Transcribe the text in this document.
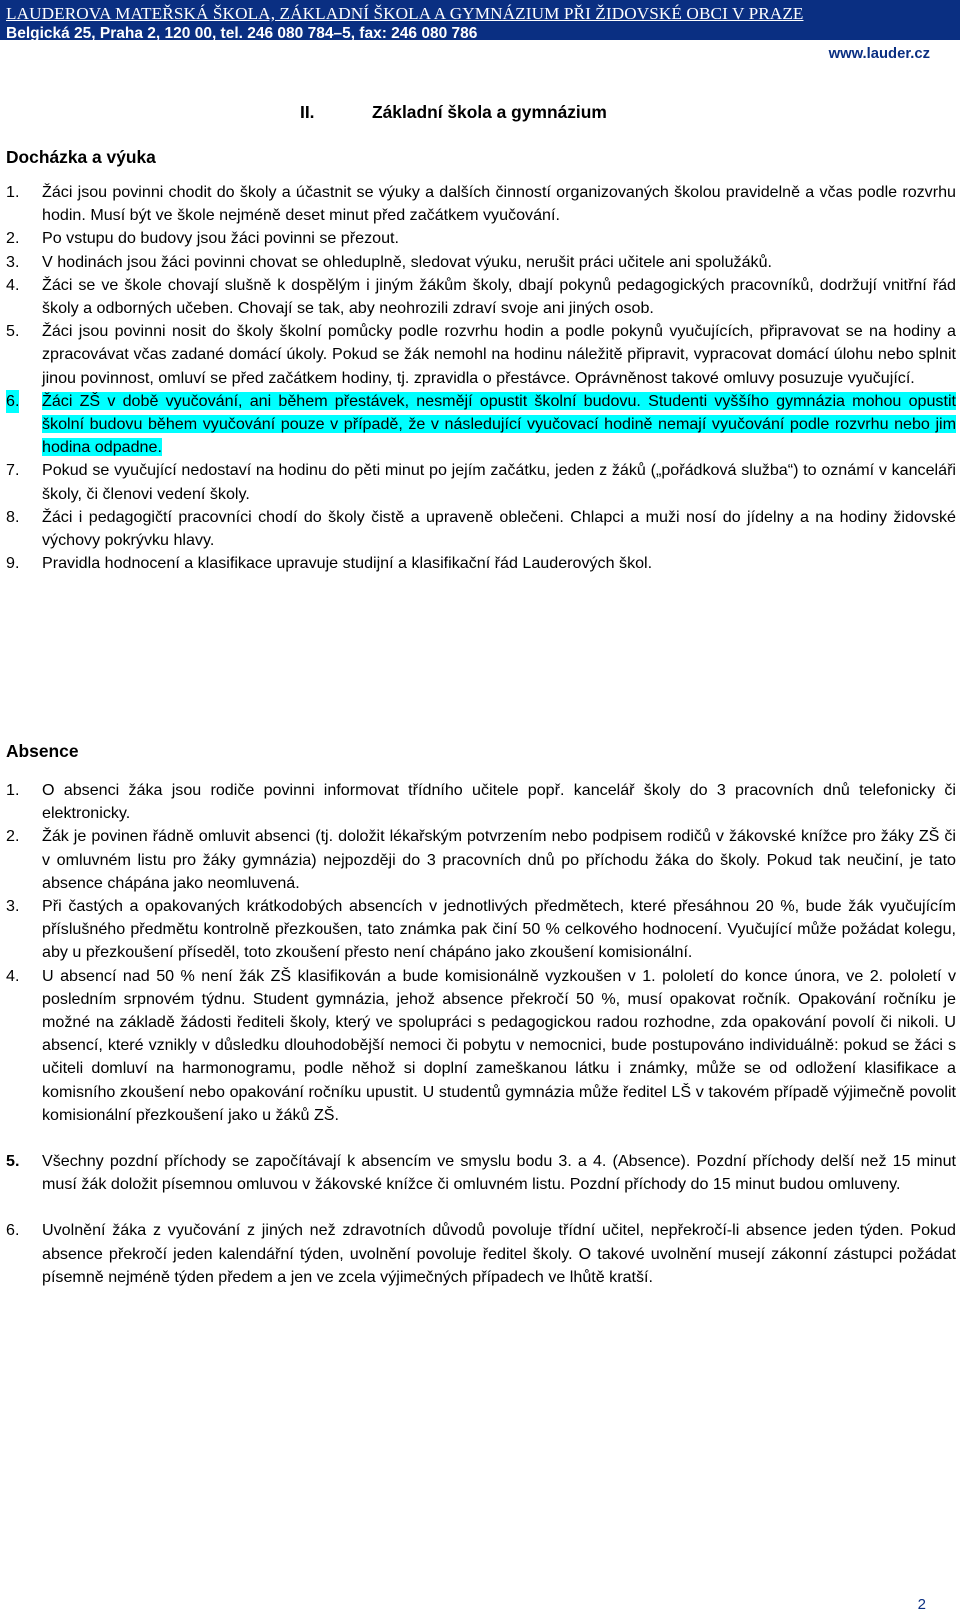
LAUDEROVA MATEŘSKÁ ŠKOLA, ZÁKLADNÍ ŠKOLA A GYMNÁZIUM PŘI ŽIDOVSKÉ OBCI V PRAZE
Belgická 25, Praha 2, 120 00, tel. 246 080 784–5, fax: 246 080 786
www.lauder.cz
II.	Základní škola a gymnázium
Docházka a výuka
1. Žáci jsou povinni chodit do školy a účastnit se výuky a dalších činností organizovaných školou pravidelně a včas podle rozvrhu hodin. Musí být ve škole nejméně deset minut před začátkem vyučování.
2. Po vstupu do budovy jsou žáci povinni se přezout.
3. V hodinách jsou žáci povinni chovat se ohleduplně, sledovat výuku, nerušit práci učitele ani spolužáků.
4. Žáci se ve škole chovají slušně k dospělým i jiným žákům školy, dbají pokynů pedagogických pracovníků, dodržují vnitřní řád školy a odborných učeben. Chovají se tak, aby neohrozili zdraví svoje ani jiných osob.
5. Žáci jsou povinni nosit do školy školní pomůcky podle rozvrhu hodin a podle pokynů vyučujících, připravovat se na hodiny a zpracovávat včas zadané domácí úkoly. Pokud se žák nemohl na hodinu náležitě připravit, vypracovat domácí úlohu nebo splnit jinou povinnost, omluví se před začátkem hodiny, tj. zpravidla o přestávce. Oprávněnost takové omluvy posuzuje vyučující.
6. Žáci ZŠ v době vyučování, ani během přestávek, nesmějí opustit školní budovu. Studenti vyššího gymnázia mohou opustit školní budovu během vyučování pouze v případě, že v následující vyučovací hodině nemají vyučování podle rozvrhu nebo jim hodina odpadne.
7. Pokud se vyučující nedostaví na hodinu do pěti minut po jejím začátku, jeden z žáků („pořádková služba“) to oznámí v kanceláři školy, či členovi vedení školy.
8. Žáci i pedagogičtí pracovníci chodí do školy čistě a upraveně oblečeni. Chlapci a muži nosí do jídelny a na hodiny židovské výchovy pokrývku hlavy.
9. Pravidla hodnocení a klasifikace upravuje studijní a klasifikační řád Lauderových škol.
Absence
1. O absenci žáka jsou rodiče povinni informovat třídního učitele popř. kancelář školy do 3 pracovních dnů telefonicky či elektronicky.
2. Žák je povinen řádně omluvit absenci (tj. doložit lékařským potvrzením nebo podpisem rodičů v žákovské knížce pro žáky ZŠ či v omluvném listu pro žáky gymnázia) nejpozději do 3 pracovních dnů po příchodu žáka do školy. Pokud tak neučiní, je tato absence chápána jako neomluvená.
3. Při častých a opakovaných krátkodobých absencích v jednotlivých předmětech, které přesáhnou 20 %, bude žák vyučujícím příslušného předmětu kontrolně přezkoušen, tato známka pak činí 50 % celkového hodnocení. Vyučující může požádat kolegu, aby u přezkoušení příseděl, toto zkoušení přesto není chápáno jako zkoušení komisionální.
4. U absencí nad 50 % není žák ZŠ klasifikován a bude komisionálně vyzkoušen v 1. pololetí do konce února, ve 2. pololetí v posledním srpnovém týdnu. Student gymnázia, jehož absence překročí 50 %, musí opakovat ročník. Opakování ročníku je možné na základě žádosti řediteli školy, který ve spolupráci s pedagogickou radou rozhodne, zda opakování povolí či nikoli. U absencí, které vznikly v důsledku dlouhodobější nemoci či pobytu v nemocnici, bude postupováno individuálně: pokud se žáci s učiteli domluví na harmonogramu, podle něhož si doplní zameškanou látku i známky, může se od odložení klasifikace a komisního zkoušení nebo opakování ročníku upustit. U studentů gymnázia může ředitel LŠ v takovém případě výjimečně povolit komisionální přezkoušení jako u žáků ZŠ.
5. Všechny pozdní příchody se započítávají k absencím ve smyslu bodu 3. a 4. (Absence). Pozdní příchody delší než 15 minut musí žák doložit písemnou omluvou v žákovské knížce či omluvném listu. Pozdní příchody do 15 minut budou omluveny.
6. Uvolnění žáka z vyučování z jiných než zdravotních důvodů povoluje třídní učitel, nepřekročí-li absence jeden týden. Pokud absence překročí jeden kalendářní týden, uvolnění povoluje ředitel školy. O takové uvolnění musejí zákonní zástupci požádat písemně nejméně týden předem a jen ve zcela výjimečných případech ve lhůtě kratší.
2
